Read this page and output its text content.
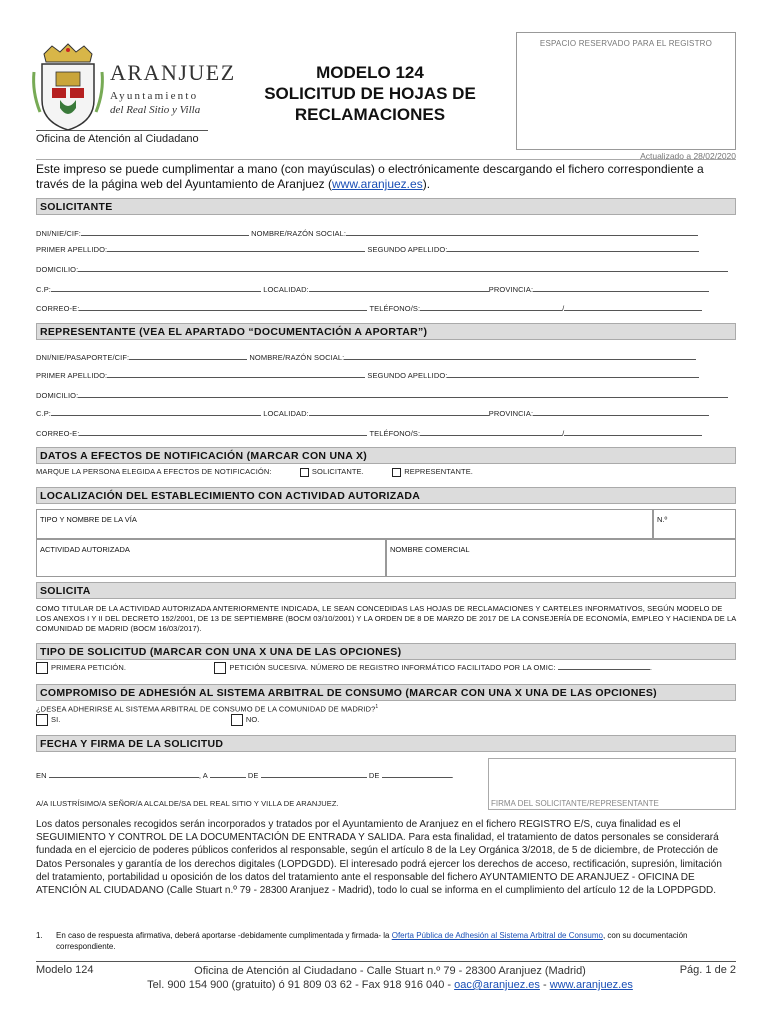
ESPACIO RESERVADO PARA EL REGISTRO
ARANJUEZ
Ayuntamiento
del Real Sitio y Villa
Oficina de Atención al Ciudadano
MODELO 124
SOLICITUD DE HOJAS DE
RECLAMACIONES
Actualizado a 28/02/2020
Este impreso se puede cumplimentar a mano (con mayúsculas) o electrónicamente descargando el fichero correspondiente a través de la página web del Ayuntamiento de Aranjuez (www.aranjuez.es).
SOLICITANTE
DNI/NIE/CIF:	NOMBRE/RAZÓN SOCIAL:
PRIMER APELLIDO:	SEGUNDO APELLIDO:
DOMICILIO:
C.P:	LOCALIDAD:	PROVINCIA:
CORREO-E:	TELÉFONO/S:	/
REPRESENTANTE (VEA EL APARTADO “DOCUMENTACIÓN A APORTAR”)
DNI/NIE/PASAPORTE/CIF:	NOMBRE/RAZÓN SOCIAL:
PRIMER APELLIDO:	SEGUNDO APELLIDO:
DOMICILIO:
C.P:	LOCALIDAD:	PROVINCIA:
CORREO-E:	TELÉFONO/S:	/
DATOS A EFECTOS DE NOTIFICACIÓN (MARCAR CON UNA X)
MARQUE LA PERSONA ELEGIDA A EFECTOS DE NOTIFICACIÓN:	SOLICITANTE.	REPRESENTANTE.
LOCALIZACIÓN DEL ESTABLECIMIENTO CON ACTIVIDAD AUTORIZADA
TIPO Y NOMBRE DE LA VÍA	N.º
ACTIVIDAD AUTORIZADA	NOMBRE COMERCIAL
SOLICITA
COMO TITULAR DE LA ACTIVIDAD AUTORIZADA ANTERIORMENTE INDICADA, LE SEAN CONCEDIDAS LAS HOJAS DE RECLAMACIONES Y CARTELES INFORMATIVOS, SEGÚN MODELO DE LOS ANEXOS I Y II DEL DECRETO 152/2001, DE 13 DE SEPTIEMBRE (BOCM 03/10/2001) Y LA ORDEN DE 8 DE MARZO DE 2017 DE LA CONSEJERÍA DE ECONOMÍA, EMPLEO Y HACIENDA DE LA COMUNIDAD DE MADRID (BOCM 16/03/2017).
TIPO DE SOLICITUD (MARCAR CON UNA X UNA DE LAS OPCIONES)
PRIMERA PETICIÓN.	PETICIÓN SUCESIVA. NÚMERO DE REGISTRO INFORMÁTICO FACILITADO POR LA OMIC:	.
COMPROMISO DE ADHESIÓN AL SISTEMA ARBITRAL DE CONSUMO (MARCAR CON UNA X UNA DE LAS OPCIONES)
¿DESEA ADHERIRSE AL SISTEMA ARBITRAL DE CONSUMO DE LA COMUNIDAD DE MADRID?$^1$
SI.	NO.
FECHA Y FIRMA DE LA SOLICITUD
EN	, A	DE	DE	.
A/A ILUSTRÍSIMO/A SEÑOR/A ALCALDE/SA DEL REAL SITIO Y VILLA DE ARANJUEZ.	FIRMA DEL SOLICITANTE/REPRESENTANTE
Los datos personales recogidos serán incorporados y tratados por el Ayuntamiento de Aranjuez en el fichero REGISTRO E/S, cuya finalidad es el SEGUIMIENTO Y CONTROL DE LA DOCUMENTACIÓN DE ENTRADA Y SALIDA. Para esta finalidad, el tratamiento de datos personales se considerará fundada en el ejercicio de poderes públicos conferidos al responsable, según el artículo 8 de la Ley Orgánica 3/2018, de 5 de diciembre, de Protección de Datos Personales y garantía de los derechos digitales (LOPDGDD). El interesado podrá ejercer los derechos de acceso, rectificación, supresión, limitación del tratamiento, portabilidad u oposición de los datos del tratamiento ante el responsable del fichero AYUNTAMIENTO DE ARANJUEZ - OFICINA DE ATENCIÓN AL CIUDADANO (Calle Stuart n.º 79 - 28300 Aranjuez - Madrid), todo lo cual se informa en el cumplimiento del artículo 12 de la LOPDPGDD.
1. En caso de respuesta afirmativa, deberá aportarse -debidamente cumplimentada y firmada- la Oferta Pública de Adhesión al Sistema Arbitral de Consumo, con su documentación correspondiente.
Modelo 124	Oficina de Atención al Ciudadano - Calle Stuart n.º 79 - 28300 Aranjuez (Madrid)
Tel. 900 154 900 (gratuito) ó 91 809 03 62 - Fax 918 916 040 - oac@aranjuez.es - www.aranjuez.es
Pág. 1 de 2
